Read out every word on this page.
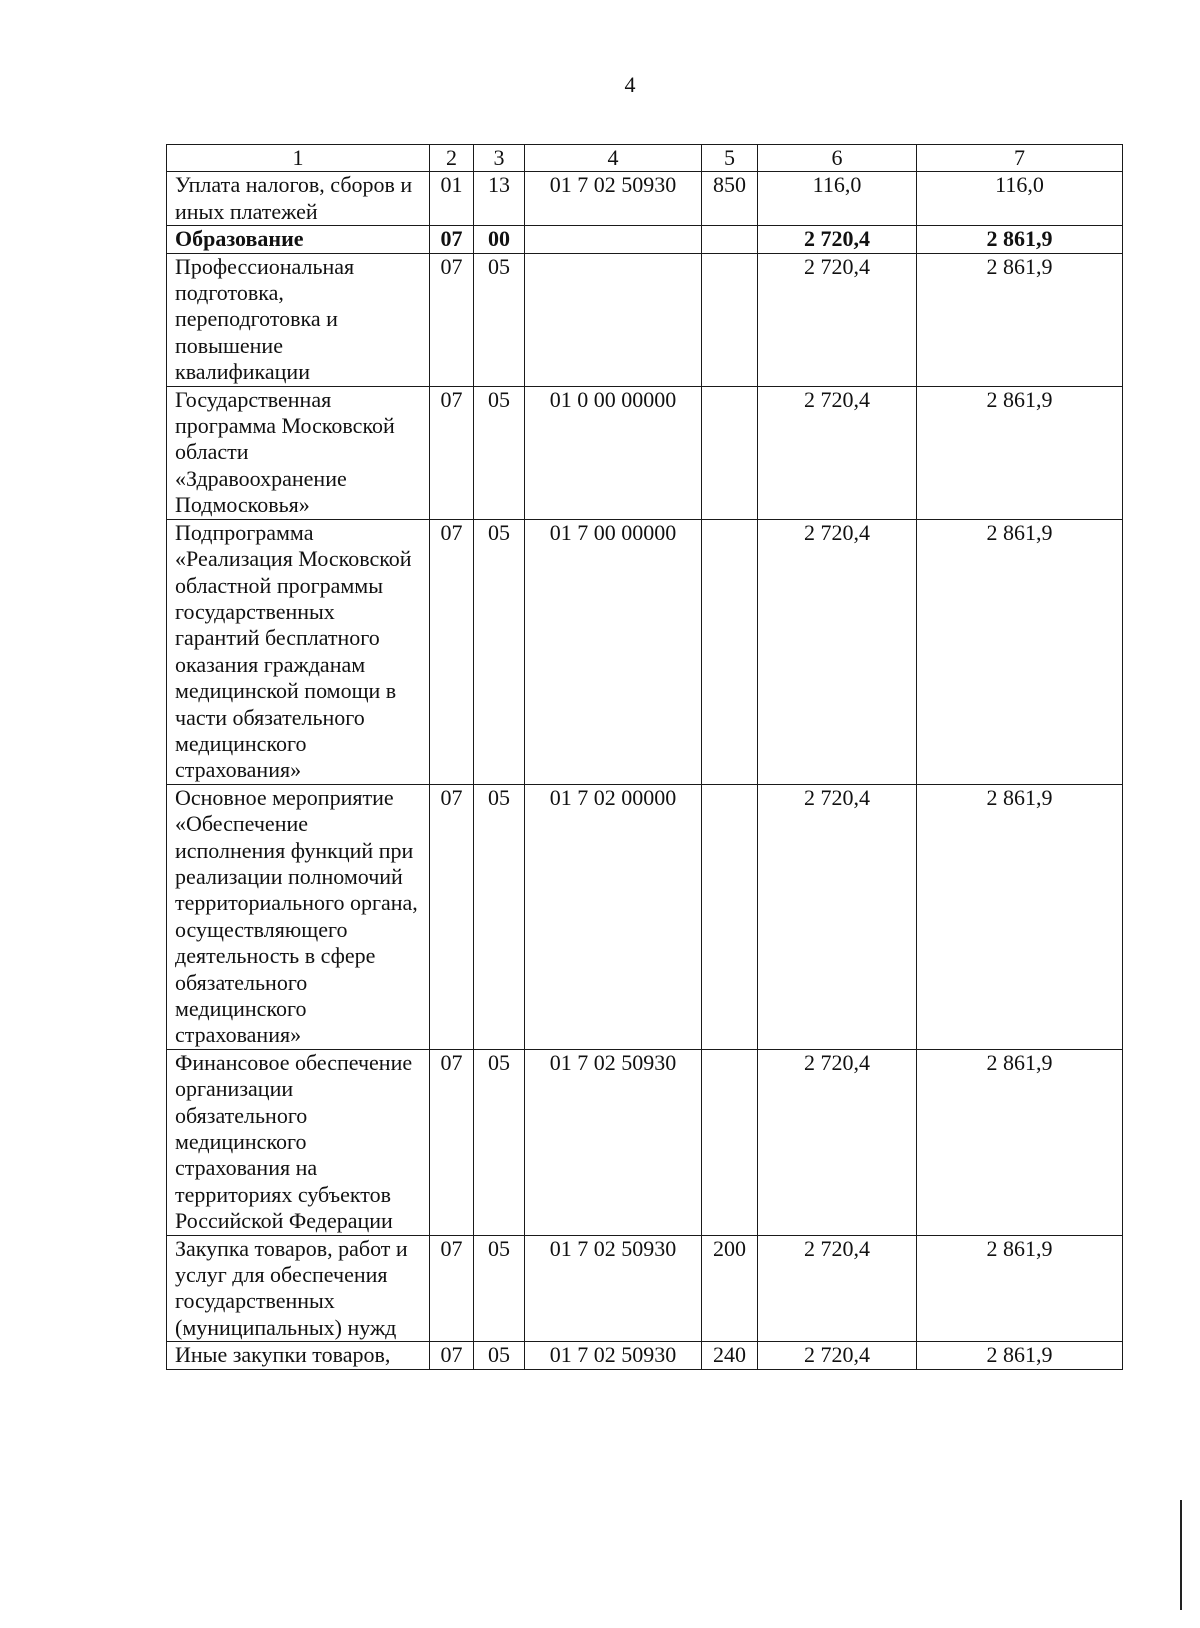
4
1	2	3	4	5	6	7
Уплата налогов, сборов и иных платежей	01	13	01 7 02 50930	850	116,0	116,0
Образование	07	00			2 720,4	2 861,9
Профессиональная подготовка, переподготовка и повышение квалификации	07	05			2 720,4	2 861,9
Государственная программа Московской области «Здравоохранение Подмосковья»	07	05	01 0 00 00000		2 720,4	2 861,9
Подпрограмма «Реализация Московской областной программы государственных гарантий бесплатного оказания гражданам медицинской помощи в части обязательного медицинского страхования»	07	05	01 7 00 00000		2 720,4	2 861,9
Основное мероприятие «Обеспечение исполнения функций при реализации полномочий территориального органа, осуществляющего деятельность в сфере обязательного медицинского страхования»	07	05	01 7 02 00000		2 720,4	2 861,9
Финансовое обеспечение организации обязательного медицинского страхования на территориях субъектов Российской Федерации	07	05	01 7 02 50930		2 720,4	2 861,9
Закупка товаров, работ и услуг для обеспечения государственных (муниципальных) нужд	07	05	01 7 02 50930	200	2 720,4	2 861,9
Иные закупки товаров,	07	05	01 7 02 50930	240	2 720,4	2 861,9
